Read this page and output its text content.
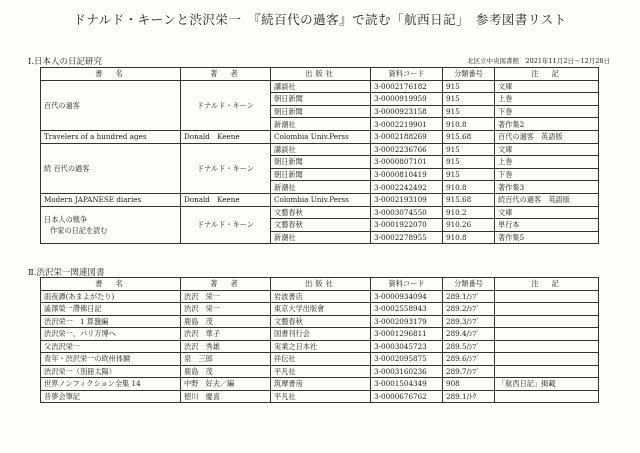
ドナルド・キーンと渋沢栄一　『続百代の過客』で読む「航西日記」　参考図書リスト
Ⅰ.日本人の日記研究	北区立中央図書館　2021年11月2日～12月28日
書　名	著　者	出版社	資料コード	分類番号	注　記
百代の過客	ドナルド・キーン	講談社	3-0002176182	915	文庫
		朝日新聞	3-0000919959	915	上巻
		朝日新聞	3-0000923158	915	下巻
		新潮社	3-0002219901	910.8	著作集2
Travelers of a hundred ages	Donald　Keene	Colombia Univ.Perss	3-0002188269	915.68	百代の過客　英語版
続 百代の過客	ドナルド・キーン	講談社	3-0002236766	915	文庫
		朝日新聞	3-0000807101	915	上巻
		朝日新聞	3-0000810419	915	下巻
		新潮社	3-0002242492	910.8	著作集3
Modern JAPANESE diaries	Donald　Keene	Colombia Univ.Perss	3-0002193109	915.68	続百代の過客　英語版

日本人の戦争
作家の日記を読む	ドナルド・キーン	文藝春秋	3-0003074550	910.2	文庫
		文藝春秋	3-0001922070	910.26	単行本
		新潮社	3-0002278955	910.8	著作集5
Ⅱ.渋沢栄一関連図書
書　名	著　者	出版社	資料コード	分類番号	注　記
雨夜譚(あまよがたり)	渋沢　栄一	岩波書店	3-0000934094	289.1/ｼﾌﾞ	
澁澤榮一滯佛日記	渋沢　栄一	東京大学出版會	3-0002558943	289.2/ｼﾌﾞ	
渋沢栄一　1 算盤編	鹿島　茂	文藝春秋	3-0002093179	289.3/ｼﾌﾞ	
渋沢栄一、パリ万博へ	渋沢　華子	国書刊行会	3-0001296811	289.4/ｼﾌﾞ	
父渋沢栄一	渋沢　秀雄	実業之日本社	3-0003045723	289.5/ｼﾌﾞ	
青年・渋沢栄一の欧州体験	泉　三郎	祥伝社	3-0002095875	289.6/ｼﾌﾞ	
渋沢栄一（別冊太陽）	鹿島　茂	平凡社	3-0003160236	289.7/ｼﾌﾞ	
世界ノンフィクション全集 14	中野　好夫／編	筑摩書房	3-0001504349	908	「航西日記」掲載
昔夢会筆記	徳川　慶喜	平凡社	3-0000676762	289.1/ﾄｸ	
